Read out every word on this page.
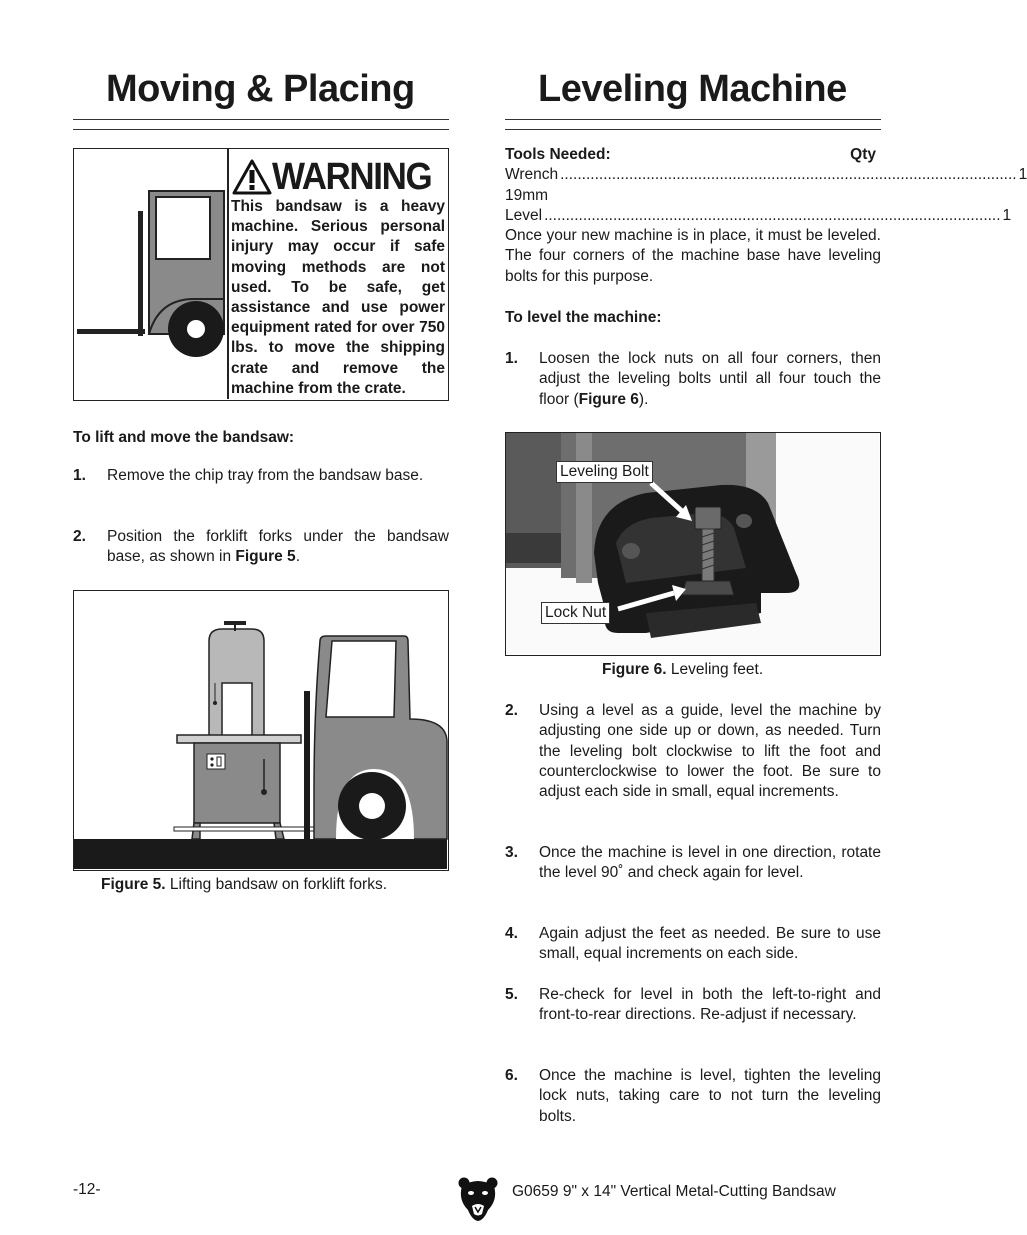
Moving & Placing
WARNING
This bandsaw is a heavy machine. Serious personal injury may occur if safe moving methods are not used. To be safe, get assistance and use power equipment rated for over 750 lbs. to move the shipping crate and remove the machine from the crate.
To lift and move the bandsaw:
1. Remove the chip tray from the bandsaw base.
2. Position the forklift forks under the bandsaw base, as shown in Figure 5.
Figure 5. Lifting bandsaw on forklift forks.
Leveling Machine
Tools Needed:	Qty
Wrench 19mm
.......................................................................................................... 1
Level .......................................................................................................... 1

Once your new machine is in place, it must be leveled. The four corners of the machine base have leveling bolts for this purpose.

To level the machine:
1. Loosen the lock nuts on all four corners, then adjust the leveling bolts until all four touch the floor (Figure 6).
Leveling Bolt
Lock Nut
Figure 6. Leveling feet.
2. Using a level as a guide, level the machine by adjusting one side up or down, as needed. Turn the leveling bolt clockwise to lift the foot and counterclockwise to lower the foot. Be sure to adjust each side in small, equal increments.
3. Once the machine is level in one direction, rotate the level 90˚ and check again for level.
4. Again adjust the feet as needed. Be sure to use small, equal increments on each side.
5. Re-check for level in both the left-to-right and front-to-rear directions. Re-adjust if necessary.
6. Once the machine is level, tighten the leveling lock nuts, taking care to not turn the leveling bolts.
-12-	G0659 9" x 14" Vertical Metal-Cutting Bandsaw
